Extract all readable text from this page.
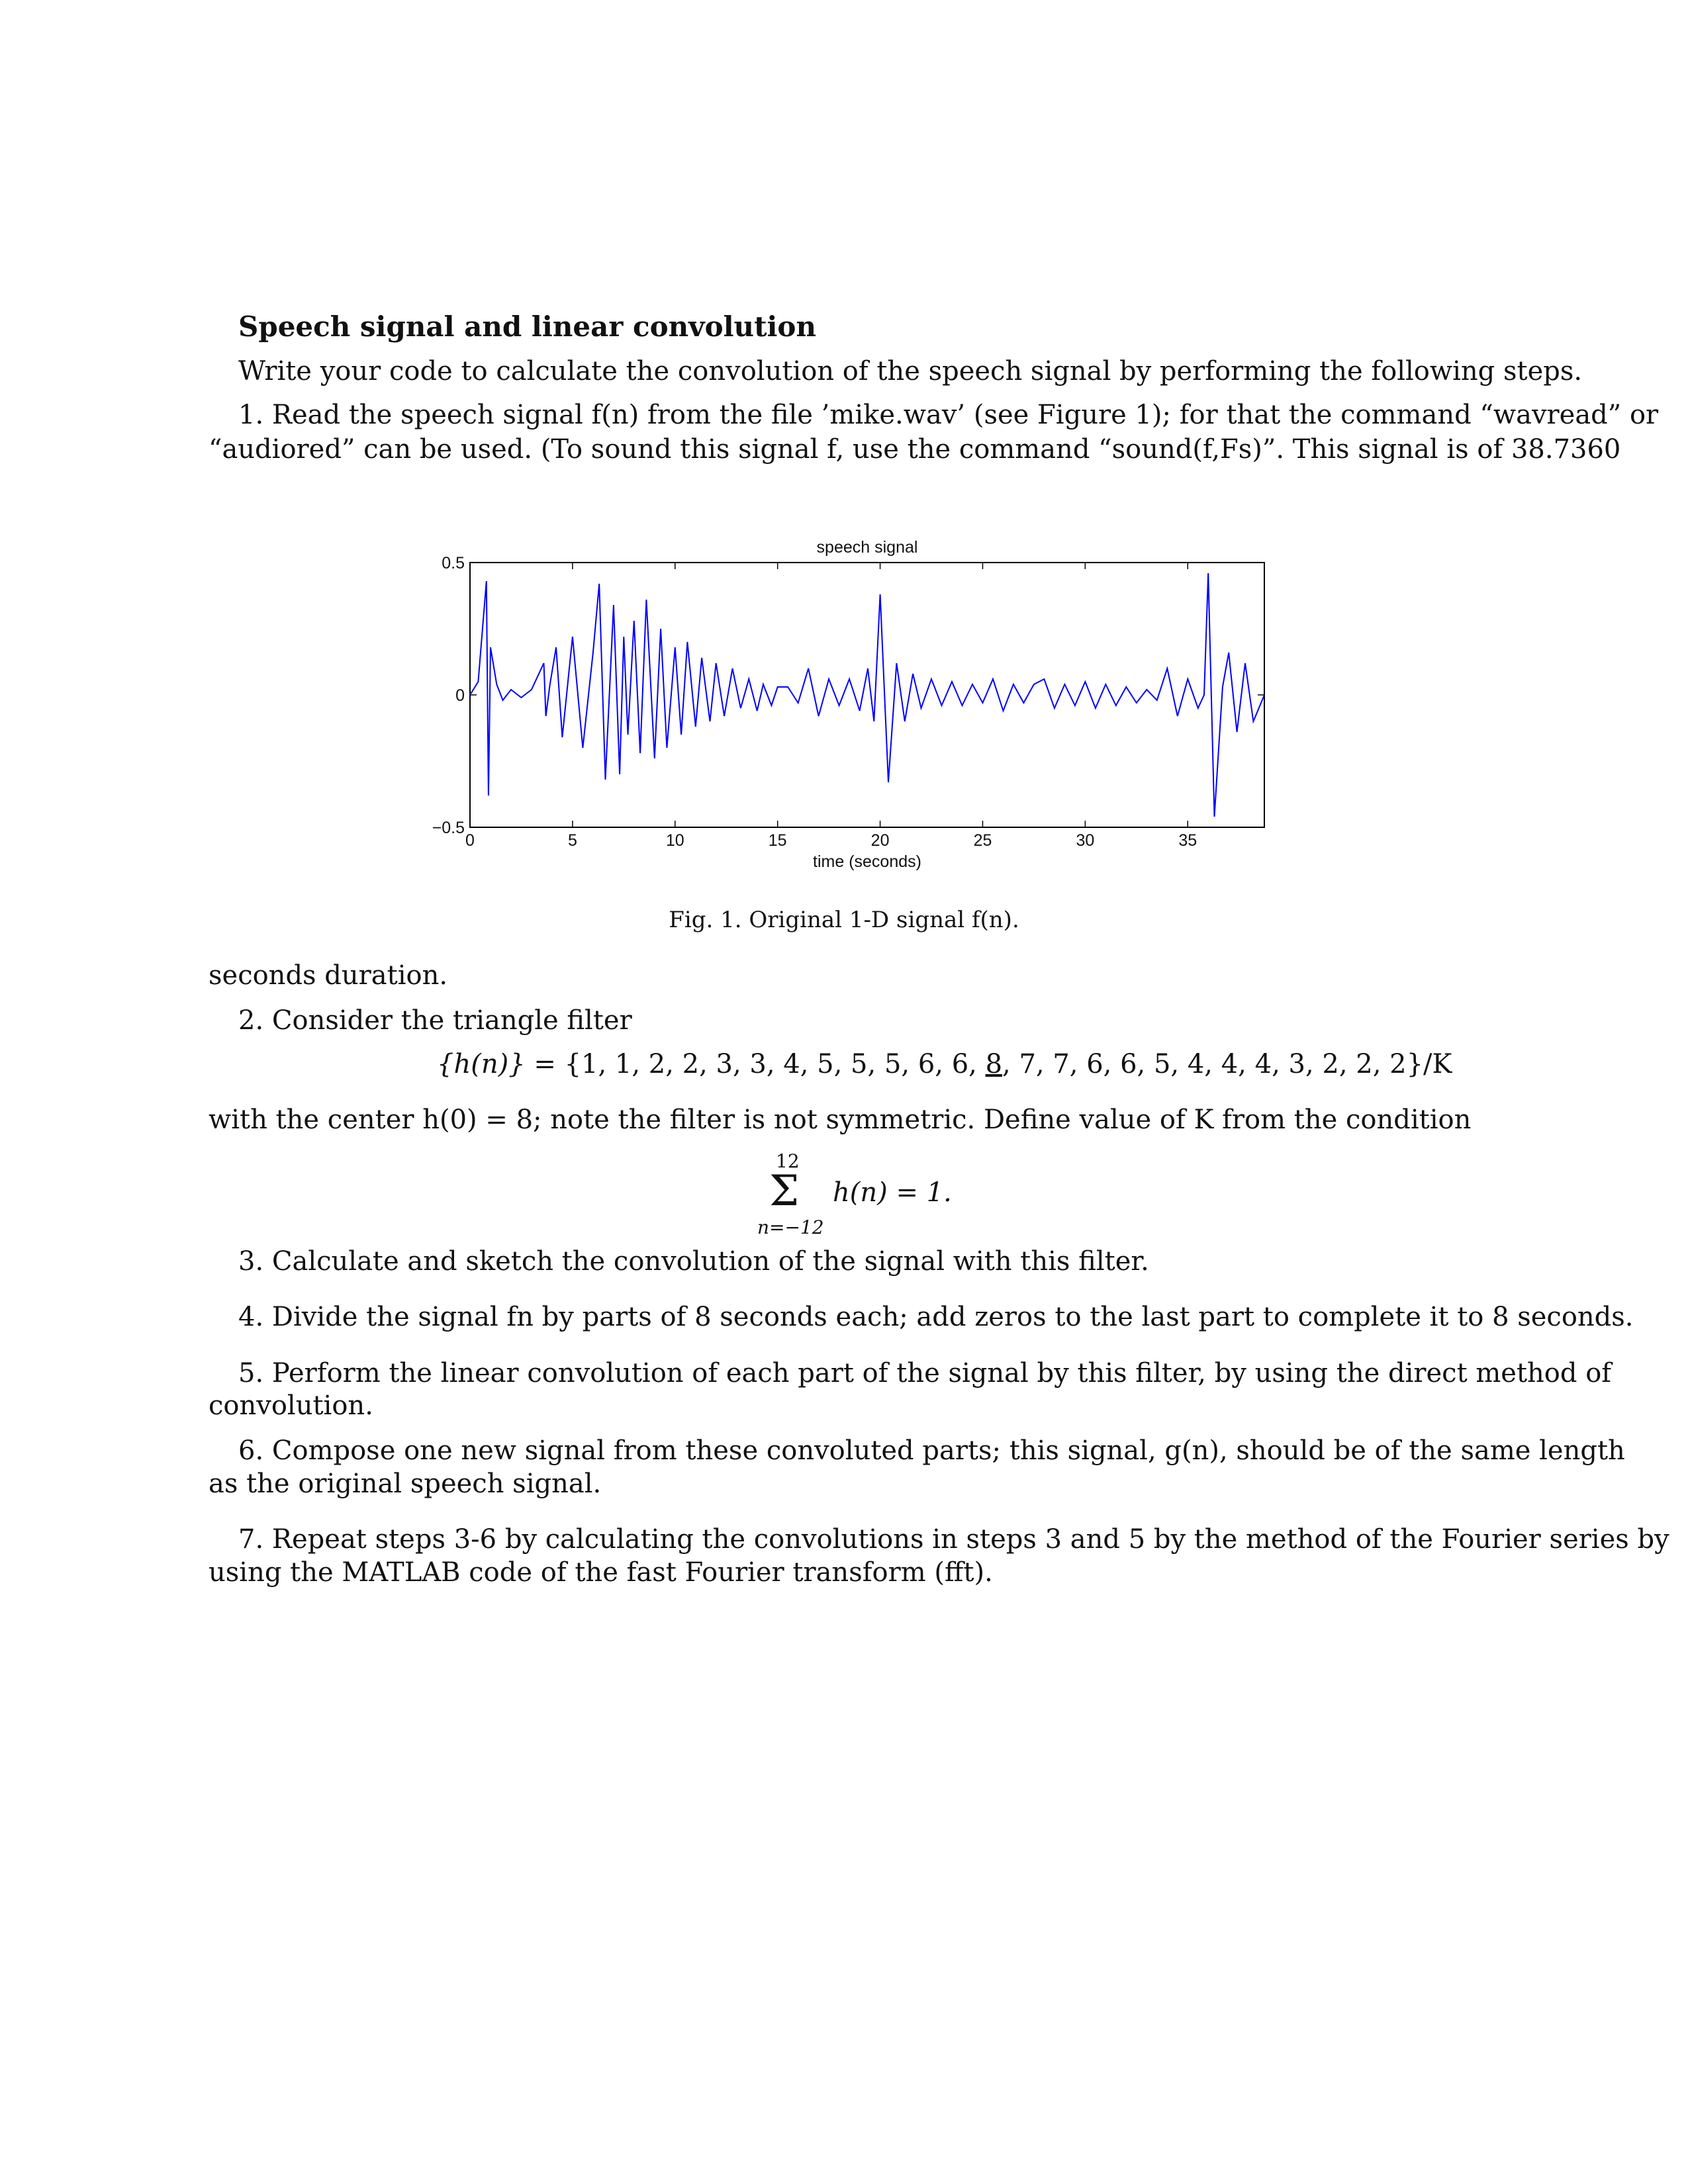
Speech signal and linear convolution
Write your code to calculate the convolution of the speech signal by performing the following steps.
1. Read the speech signal f(n) from the file ’mike.wav’ (see Figure 1); for that the command “wavread” or
“audiored” can be used. (To sound this signal f, use the command “sound(f,Fs)”. This signal is of 38.7360
speech signal
0	5	10	15	20	25	30	35
0.5
0
−0.5
time (seconds)
Fig. 1. Original 1-D signal f(n).
seconds duration.
2. Consider the triangle filter
{h(n)} = {1, 1, 2, 2, 3, 3, 4, 5, 5, 5, 6, 6, 8, 7, 7, 6, 6, 5, 4, 4, 4, 3, 2, 2, 2}/K
with the center h(0) = 8; note the filter is not symmetric. Define value of K from the condition
12
Σ
n=−12
h(n) = 1.
3. Calculate and sketch the convolution of the signal with this filter.
4. Divide the signal fn by parts of 8 seconds each; add zeros to the last part to complete it to 8 seconds.
5. Perform the linear convolution of each part of the signal by this filter, by using the direct method of
convolution.
6. Compose one new signal from these convoluted parts; this signal, g(n), should be of the same length
as the original speech signal.
7. Repeat steps 3-6 by calculating the convolutions in steps 3 and 5 by the method of the Fourier series by
using the MATLAB code of the fast Fourier transform (fft).
